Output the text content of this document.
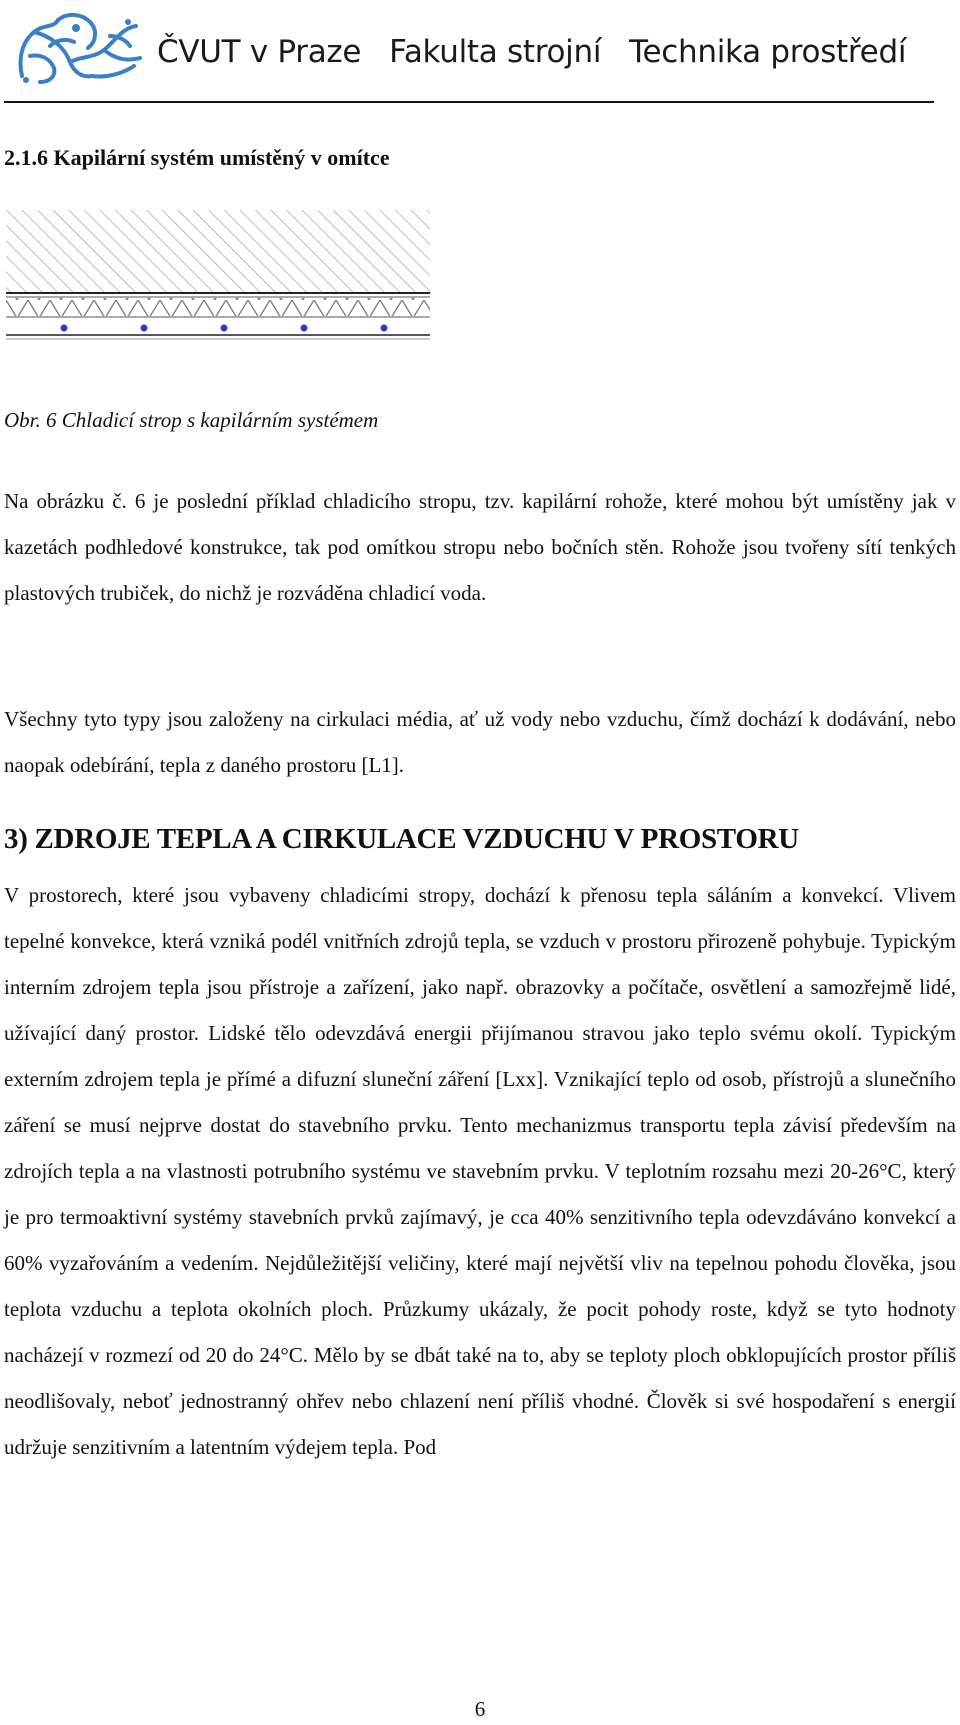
ČVUT v Praze Fakulta strojní Technika prostředí
2.1.6 Kapilární systém umístěný v omítce
Obr. 6 Chladicí strop s kapilárním systémem

Na obrázku č. 6 je poslední příklad chladicího stropu, tzv. kapilární rohože, které mohou být umístěny jak v kazetách podhledové konstrukce, tak pod omítkou stropu nebo bočních stěn. Rohože jsou tvořeny sítí tenkých plastových trubiček, do nichž je rozváděna chladicí voda.

Všechny tyto typy jsou založeny na cirkulaci média, ať už vody nebo vzduchu, čímž dochází k dodávání, nebo naopak odebírání, tepla z daného prostoru [L1].

3) ZDROJE TEPLA A CIRKULACE VZDUCHU V PROSTORU

V prostorech, které jsou vybaveny chladicími stropy, dochází k přenosu tepla sáláním a konvekcí. Vlivem tepelné konvekce, která vzniká podél vnitřních zdrojů tepla, se vzduch v prostoru přirozeně pohybuje. Typickým interním zdrojem tepla jsou přístroje a zařízení, jako např. obrazovky a počítače, osvětlení a samozřejmě lidé, užívající daný prostor. Lidské tělo odevzdává energii přijímanou stravou jako teplo svému okolí. Typickým externím zdrojem tepla je přímé a difuzní sluneční záření [Lxx]. Vznikající teplo od osob, přístrojů a slunečního záření se musí nejprve dostat do stavebního prvku. Tento mechanizmus transportu tepla závisí především na zdrojích tepla a na vlastnosti potrubního systému ve stavebním prvku. V teplotním rozsahu mezi 20-26°C, který je pro termoaktivní systémy stavebních prvků zajímavý, je cca 40% senzitivního tepla odevzdáváno konvekcí a 60% vyzařováním a vedením. Nejdůležitější veličiny, které mají největší vliv na tepelnou pohodu člověka, jsou teplota vzduchu a teplota okolních ploch. Průzkumy ukázaly, že pocit pohody roste, když se tyto hodnoty nacházejí v rozmezí od 20 do 24°C. Mělo by se dbát také na to, aby se teploty ploch obklopujících prostor příliš neodlišovaly, neboť jednostranný ohřev nebo chlazení není příliš vhodné. Člověk si své hospodaření s energií udržuje senzitivním a latentním výdejem tepla. Pod

6
